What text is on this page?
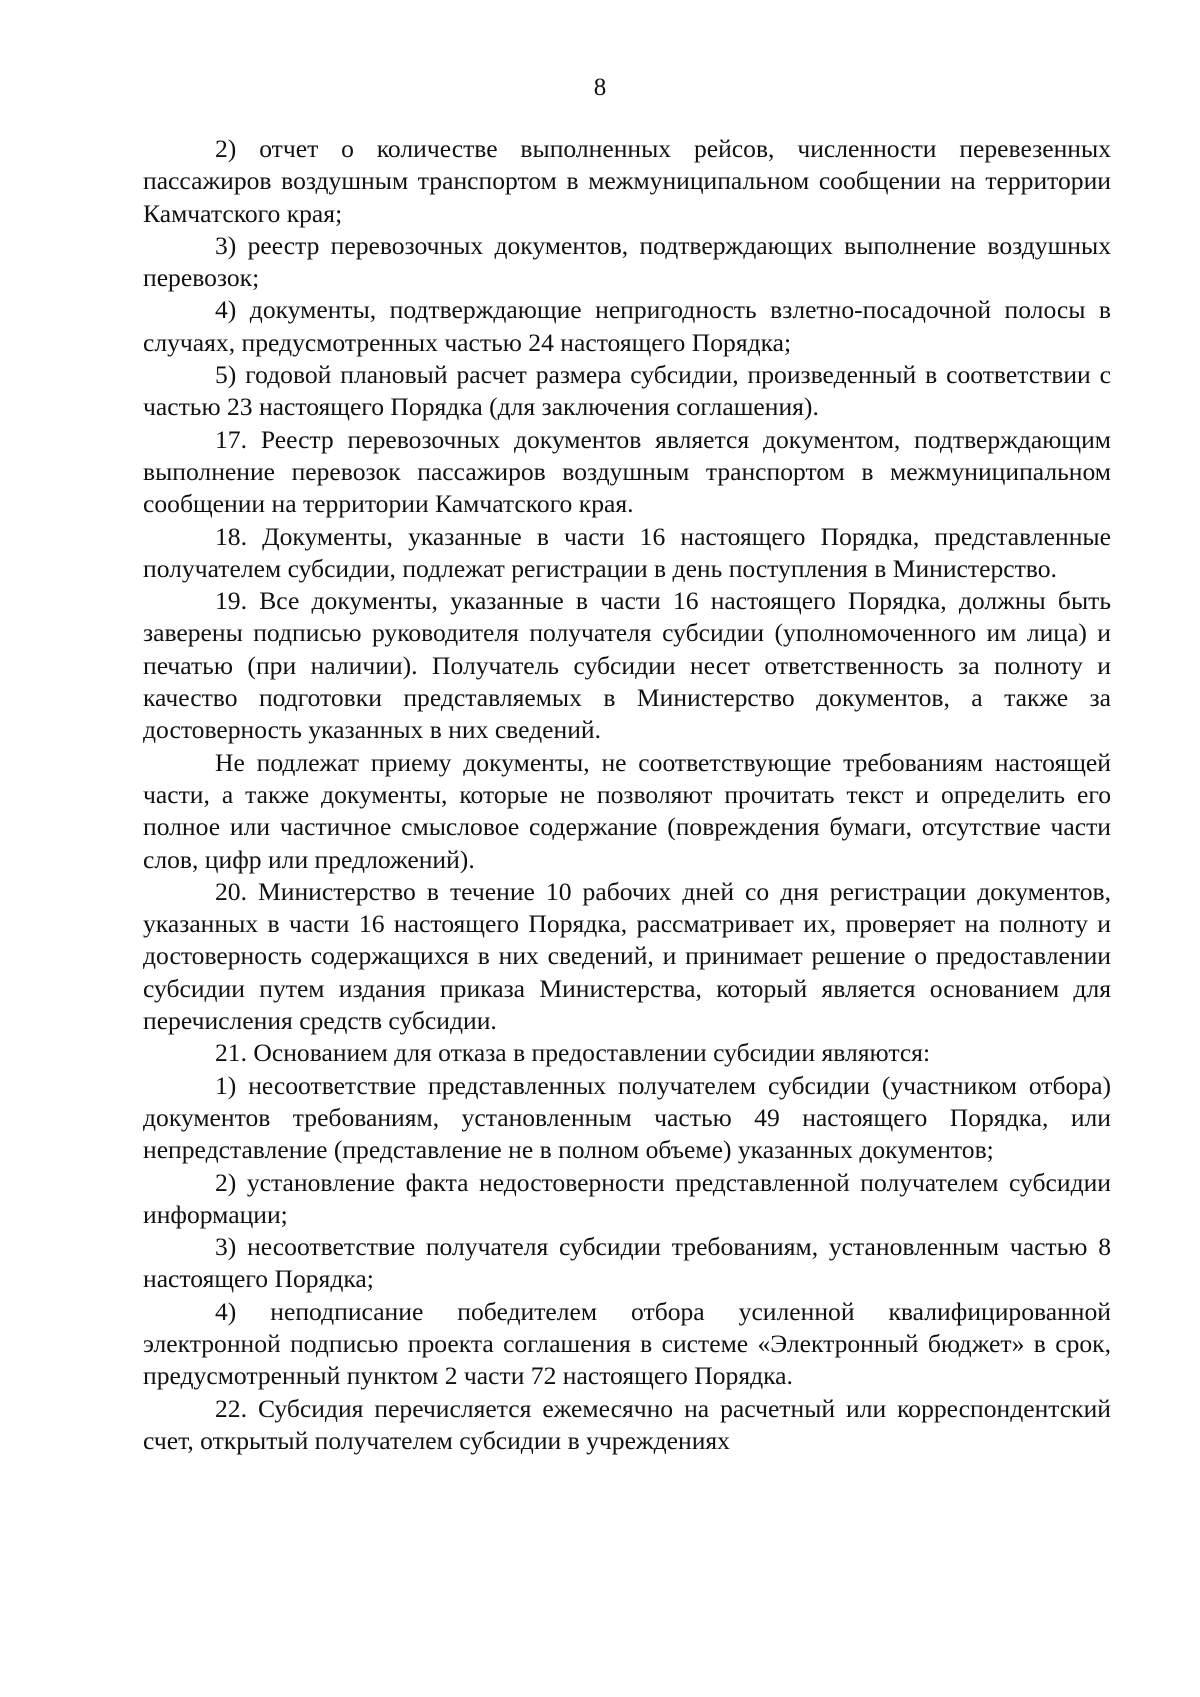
8

2) отчет о количестве выполненных рейсов, численности перевезенных пассажиров воздушным транспортом в межмуниципальном сообщении на территории Камчатского края;

3) реестр перевозочных документов, подтверждающих выполнение воздушных перевозок;

4) документы, подтверждающие непригодность взлетно-посадочной полосы в случаях, предусмотренных частью 24 настоящего Порядка;

5) годовой плановый расчет размера субсидии, произведенный в соответствии с частью 23 настоящего Порядка (для заключения соглашения).

17. Реестр перевозочных документов является документом, подтверждающим выполнение перевозок пассажиров воздушным транспортом в межмуниципальном сообщении на территории Камчатского края.

18. Документы, указанные в части 16 настоящего Порядка, представленные получателем субсидии, подлежат регистрации в день поступления в Министерство.

19. Все документы, указанные в части 16 настоящего Порядка, должны быть заверены подписью руководителя получателя субсидии (уполномоченного им лица) и печатью (при наличии). Получатель субсидии несет ответственность за полноту и качество подготовки представляемых в Министерство документов, а также за достоверность указанных в них сведений.

Не подлежат приему документы, не соответствующие требованиям настоящей части, а также документы, которые не позволяют прочитать текст и определить его полное или частичное смысловое содержание (повреждения бумаги, отсутствие части слов, цифр или предложений).

20. Министерство в течение 10 рабочих дней со дня регистрации документов, указанных в части 16 настоящего Порядка, рассматривает их, проверяет на полноту и достоверность содержащихся в них сведений, и принимает решение о предоставлении субсидии путем издания приказа Министерства, который является основанием для перечисления средств субсидии.

21. Основанием для отказа в предоставлении субсидии являются:

1) несоответствие представленных получателем субсидии (участником отбора) документов требованиям, установленным частью 49 настоящего Порядка, или непредставление (представление не в полном объеме) указанных документов;

2) установление факта недостоверности представленной получателем субсидии информации;

3) несоответствие получателя субсидии требованиям, установленным частью 8 настоящего Порядка;

4) неподписание победителем отбора усиленной квалифицированной электронной подписью проекта соглашения в системе «Электронный бюджет» в срок, предусмотренный пунктом 2 части 72 настоящего Порядка.

22. Субсидия перечисляется ежемесячно на расчетный или корреспондентский счет, открытый получателем субсидии в учреждениях
